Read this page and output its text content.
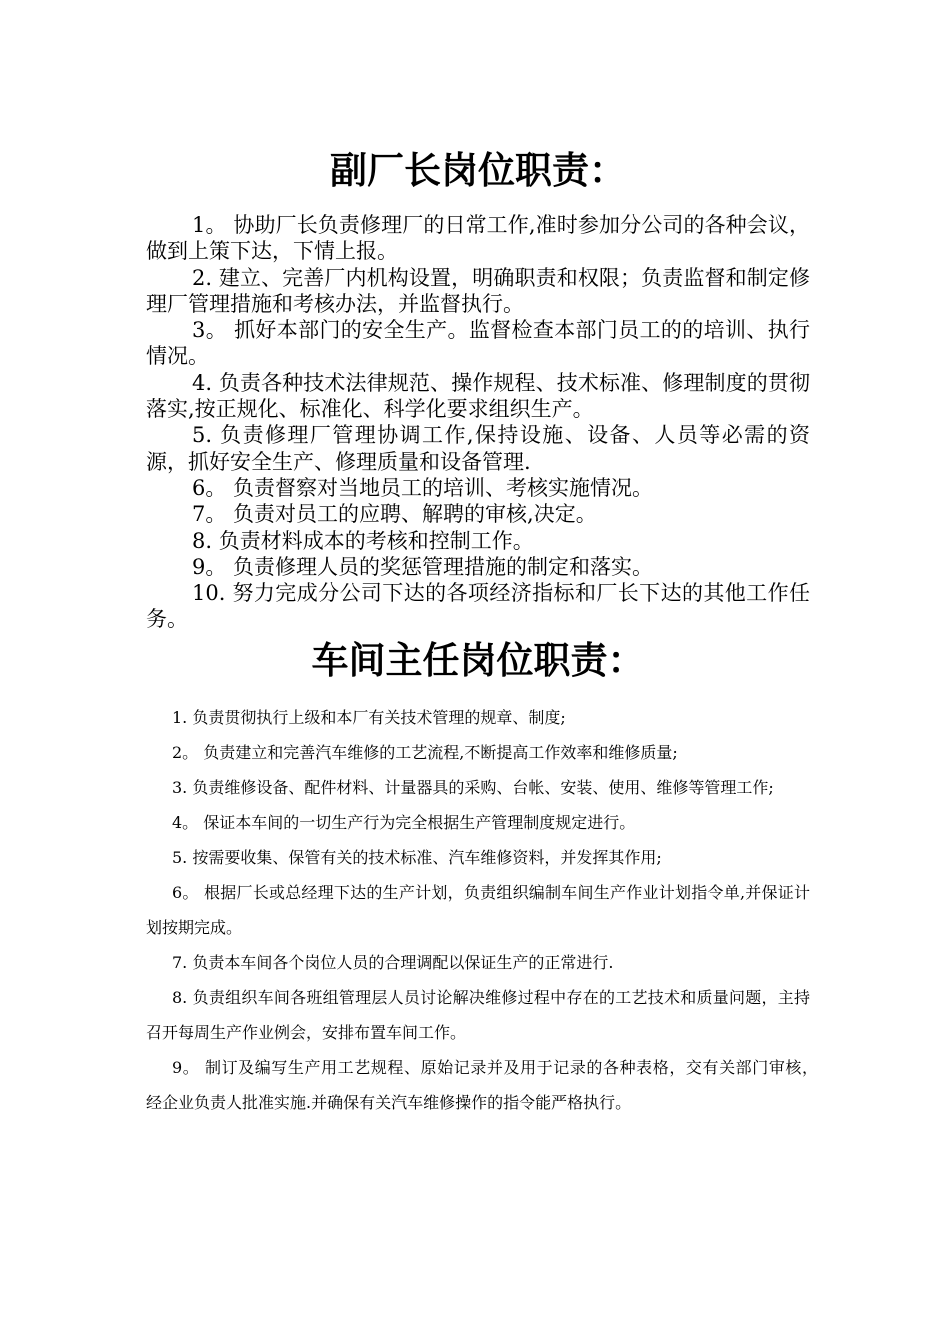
副厂长岗位职责：
1。 协助厂长负责修理厂的日常工作,准时参加分公司的各种会议，做到上策下达，下情上报。
2. 建立、完善厂内机构设置，明确职责和权限；负责监督和制定修理厂管理措施和考核办法，并监督执行。
3。 抓好本部门的安全生产。监督检查本部门员工的的培训、执行情况。
4. 负责各种技术法律规范、操作规程、技术标准、修理制度的贯彻落实,按正规化、标准化、科学化要求组织生产。
5. 负责修理厂管理协调工作,保持设施、设备、人员等必需的资源，抓好安全生产、修理质量和设备管理.
6。 负责督察对当地员工的培训、考核实施情况。
7。 负责对员工的应聘、解聘的审核,决定。
8. 负责材料成本的考核和控制工作。
9。 负责修理人员的奖惩管理措施的制定和落实。
10. 努力完成分公司下达的各项经济指标和厂长下达的其他工作任务。
车间主任岗位职责：
1. 负责贯彻执行上级和本厂有关技术管理的规章、制度;
2。 负责建立和完善汽车维修的工艺流程,不断提高工作效率和维修质量;
3. 负责维修设备、配件材料、计量器具的采购、台帐、安装、使用、维修等管理工作;
4。 保证本车间的一切生产行为完全根据生产管理制度规定进行。
5. 按需要收集、保管有关的技术标准、汽车维修资料，并发挥其作用;
6。 根据厂长或总经理下达的生产计划，负责组织编制车间生产作业计划指令单,并保证计划按期完成。
7. 负责本车间各个岗位人员的合理调配以保证生产的正常进行.
8. 负责组织车间各班组管理层人员讨论解决维修过程中存在的工艺技术和质量问题，主持召开每周生产作业例会，安排布置车间工作。
9。 制订及编写生产用工艺规程、原始记录并及用于记录的各种表格，交有关部门审核，　　经企业负责人批准实施.并确保有关汽车维修操作的指令能严格执行。
